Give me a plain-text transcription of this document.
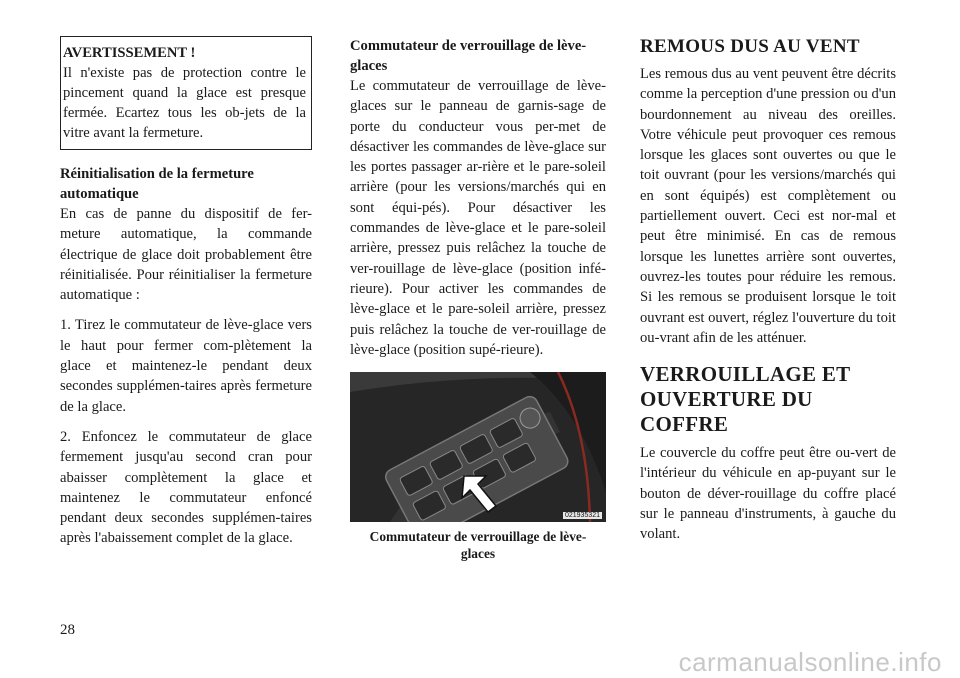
AVERTISSEMENT !

Il n'existe pas de protection contre le pincement quand la glace est presque fermée. Ecartez tous les ob-jets de la vitre avant la fermeture.

Réinitialisation de la fermeture automatique

En cas de panne du dispositif de fer-meture automatique, la commande électrique de glace doit probablement être réinitialisée. Pour réinitialiser la fermeture automatique :

1. Tirez le commutateur de lève-glace vers le haut pour fermer com-plètement la glace et maintenez-le pendant deux secondes supplémen-taires après fermeture de la glace.

2. Enfoncez le commutateur de glace fermement jusqu'au second cran pour abaisser complètement la glace et maintenez le commutateur enfoncé pendant deux secondes supplémen-taires après l'abaissement complet de la glace.

Commutateur de verrouillage de lève-glaces

Le commutateur de verrouillage de lève-glaces sur le panneau de garnis-sage de porte du conducteur vous per-met de désactiver les commandes de lève-glace sur les portes passager ar-rière et le pare-soleil arrière (pour les versions/marchés qui en sont équi-pés). Pour désactiver les commandes de lève-glace et le pare-soleil arrière, pressez puis relâchez la touche de ver-rouillage de lève-glace (position infé-rieure). Pour activer les commandes de lève-glace et le pare-soleil arrière, pressez puis relâchez la touche de ver-rouillage de lève-glace (position supé-rieure).

021935321

Commutateur de verrouillage de lève-glaces

REMOUS DUS AU VENT

Les remous dus au vent peuvent être décrits comme la perception d'une pression ou d'un bourdonnement au niveau des oreilles. Votre véhicule peut provoquer ces remous lorsque les glaces sont ouvertes ou que le toit ouvrant (pour les versions/marchés qui en sont équipés) est complètement ou partiellement ouvert. Ceci est nor-mal et peut être minimisé. En cas de remous lorsque les lunettes arrière sont ouvertes, ouvrez-les toutes pour réduire les remous. Si les remous se produisent lorsque le toit ouvrant est ouvert, réglez l'ouverture du toit ou-vrant afin de les atténuer.

VERROUILLAGE ET OUVERTURE DU COFFRE

Le couvercle du coffre peut être ou-vert de l'intérieur du véhicule en ap-puyant sur le bouton de déver-rouillage du coffre placé sur le panneau d'instruments, à gauche du volant.

28
carmanualsonline.info
